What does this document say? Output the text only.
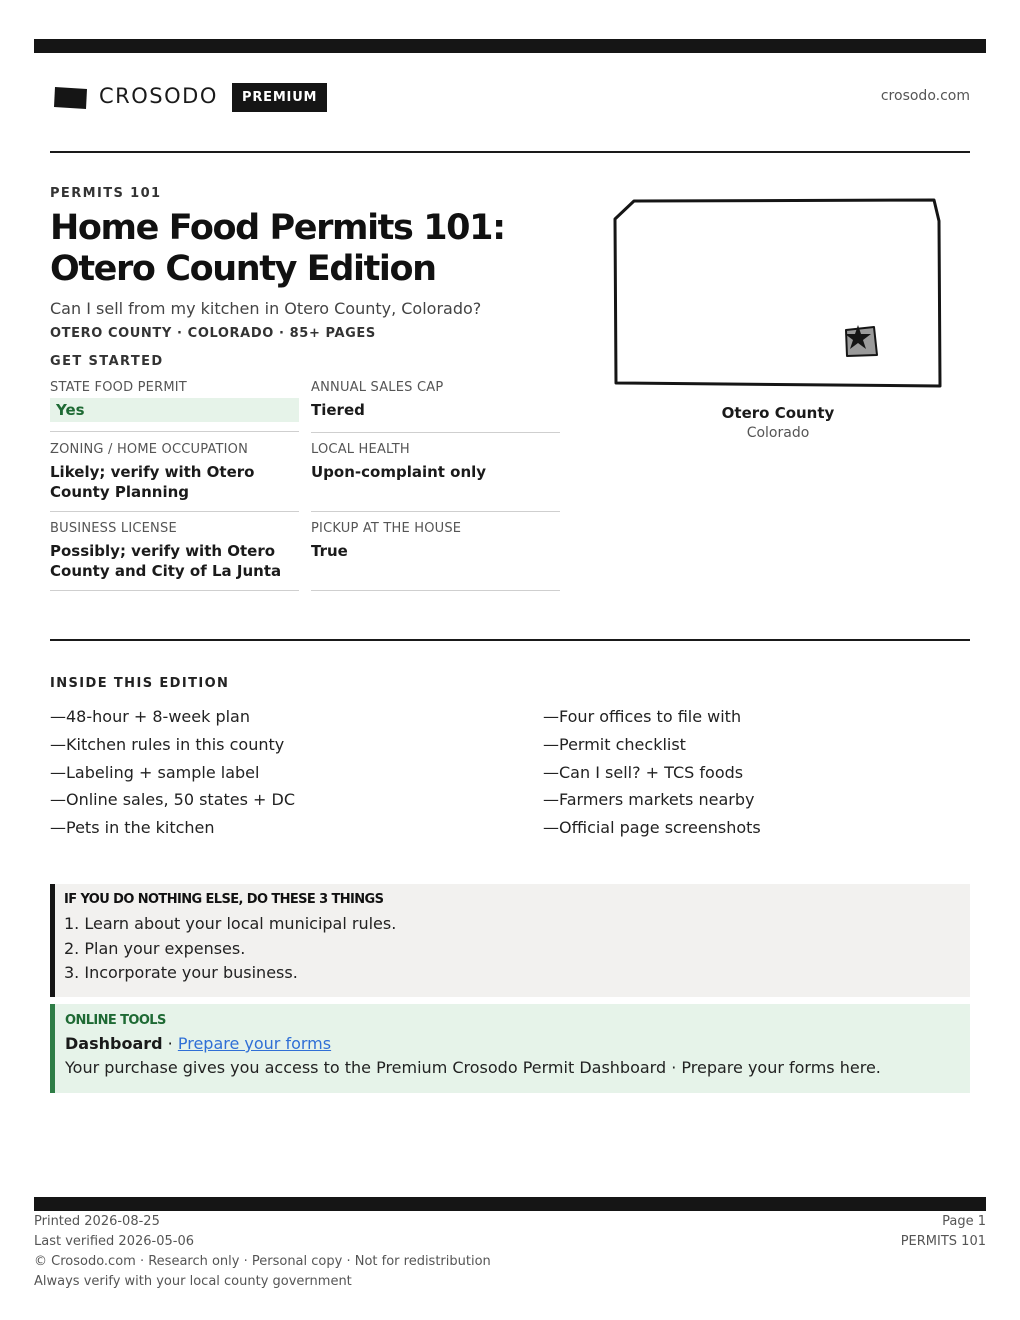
CROSODO	PREMIUM	crosodo.com
PERMITS 101
Home Food Permits 101: Otero County Edition
Can I sell from my kitchen in Otero County, Colorado?
OTERO COUNTY · COLORADO · 85+ PAGES
GET STARTED
STATE FOOD PERMIT
Yes
ANNUAL SALES CAP
Tiered
ZONING / HOME OCCUPATION
Likely; verify with Otero County Planning
LOCAL HEALTH
Upon-complaint only
BUSINESS LICENSE
Possibly; verify with Otero County and City of La Junta
PICKUP AT THE HOUSE
True
Otero County
Colorado
INSIDE THIS EDITION
—48-hour + 8-week plan
—Kitchen rules in this county
—Labeling + sample label
—Online sales, 50 states + DC
—Pets in the kitchen
—Four offices to file with
—Permit checklist
—Can I sell? + TCS foods
—Farmers markets nearby
—Official page screenshots
IF YOU DO NOTHING ELSE, DO THESE 3 THINGS
1. Learn about your local municipal rules.
2. Plan your expenses.
3. Incorporate your business.
ONLINE TOOLS
Dashboard · Prepare your forms
Your purchase gives you access to the Premium Crosodo Permit Dashboard · Prepare your forms here.
Printed 2026-08-25
Last verified 2026-05-06
© Crosodo.com · Research only · Personal copy · Not for redistribution
Always verify with your local county government
Page 1
PERMITS 101
